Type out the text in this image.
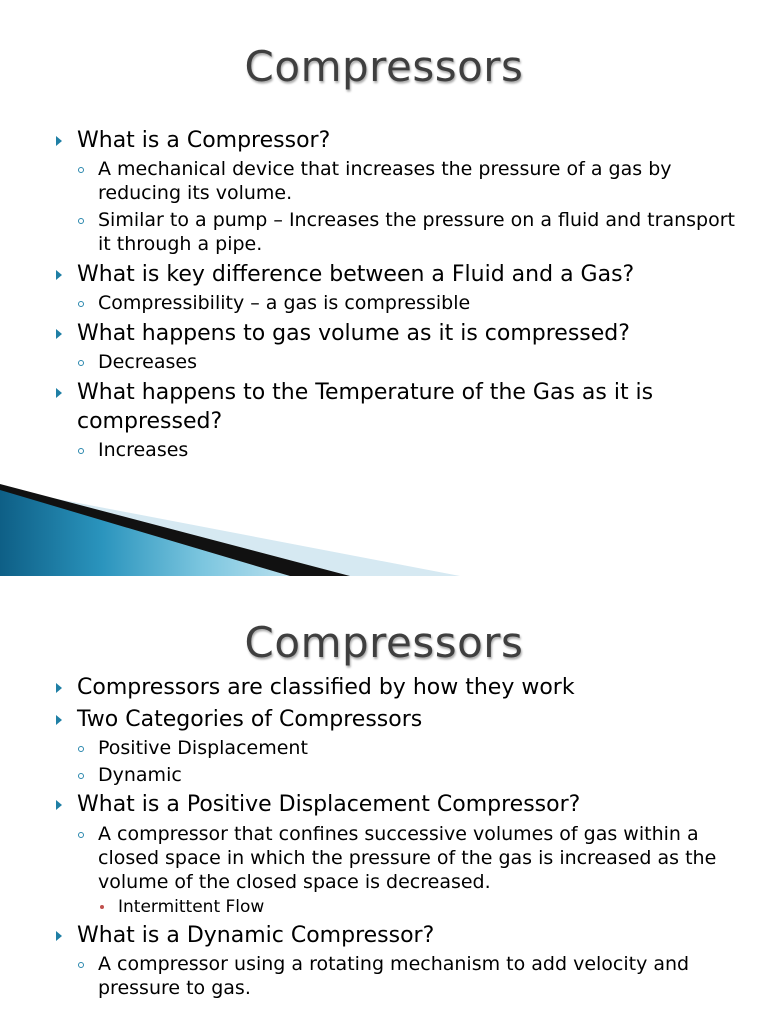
Compressors
What is a Compressor?
A mechanical device that increases the pressure of a gas by reducing its volume.
Similar to a pump – Increases the pressure on a fluid and transport it through a pipe.
What is key difference between a Fluid and a Gas?
Compressibility – a gas is compressible
What happens to gas volume as it is compressed?
Decreases
What happens to the Temperature of the Gas as it is compressed?
Increases
Compressors
Compressors are classified by how they work
Two Categories of Compressors
Positive Displacement
Dynamic
What is a Positive Displacement Compressor?
A compressor that confines successive volumes of gas within a closed space in which the pressure of the gas is increased as the volume of the closed space is decreased.
Intermittent Flow
What is a Dynamic Compressor?
A compressor using a rotating mechanism to add velocity and pressure to gas.
